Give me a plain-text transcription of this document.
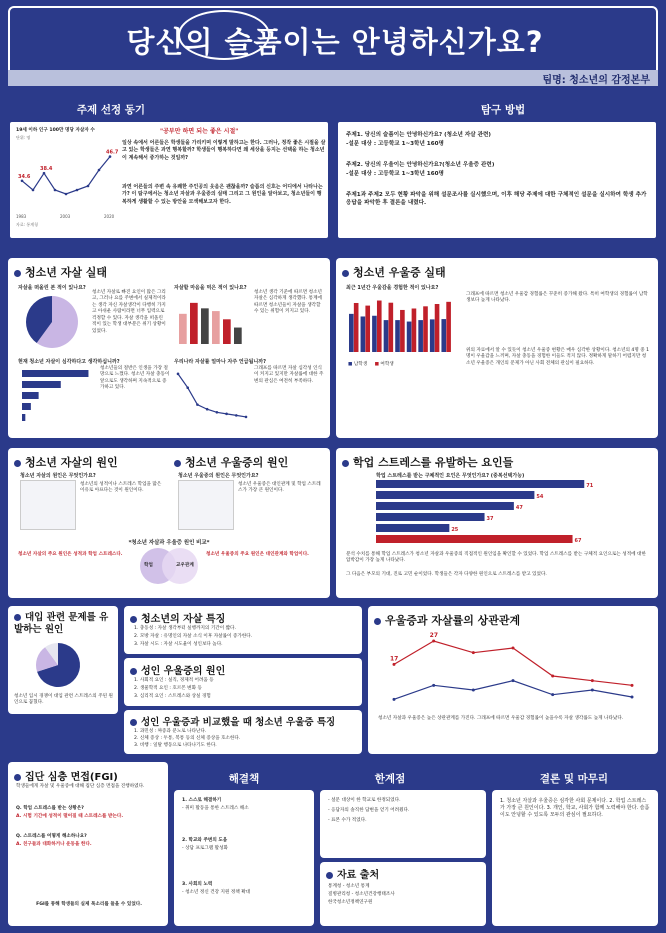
당신의 슬픔이는 안녕하신가요?
팀명: 청소년의 감정본부
주제 선정 동기
19세 이하 인구 100만 명당 자살자 수
단위: 명
34.6
38.4
46.7
1983	2003	2020
자료: 통계청
"공부만 하면 되는 좋은 시절"
일상 속에서 어른들은 학생들을 가리키며 이렇게 말하고는 한다. 그러나, 정작 좋은 시절을 살고 있는 학생들은 과연 행복할까? 학생들이 행복하다면 왜 세상을 등지는 선택을 하는 청소년이 계속해서 증가하는 것일까?
과연 어른들의 주변 속 유쾌한 주인공의 웃음은 괜찮을까? 슬픔의 신호는 어디에서 나타나는가? 이 탐구에서는 청소년 자살과 우울증의 실태 그리고 그 원인을 알아보고, 청소년들이 행복하게 생활할 수 있는 방안을 모색해보고자 한다.
탐구 방법
주제1. 당신의 슬픔이는 안녕하신가요? (청소년 자살 관련)
-설문 대상 : 고등학교 1~3학년 160명
주제2. 당신의 우울이는 안녕하신가요?(청소년 우울증 관련)
-설문 대상 : 고등학교 1~3학년 160명
주제1과 주제2 모두 현황 파악을 위해 설문조사를 실시했으며, 이후 해당 주제에 대한 구체적인 설문을 실시하여 학생 추가 응답을 파악한 후 결론을 내렸다.
청소년 자살 실태
자살을 떠올린 본 적이 있나요?
청소년 자살로 빠진 요인이 많은 그리고, 그러나 요를 주변에서 실제적이라는 생각 자신 자살생각이 다행히 가지고 아쉬운 사람이라면 너무 입력으로 걱정할 수 있다. 자살 생각을 떠올린 적이 있는 학생 대부분은 위기 상황이 있었다.
자살할 마음을 먹은 적이 있나요?
청소년 생각 기준에 따르면 청소년 자살은 심각하게 생각했다. 통계에 따르면 청소년들이 자살을 생각할 수 있는 위험이 커지고 있다.
현재 청소년 자살이 심각하다고 생각하십니까?
청소년들의 절반은 인생을 가장 절망으로 느꼈다. 청소년 자살 충동이 앞으로도 생각하며 지속적으로 증가하고 있다.
우리나라 자살률 얼마나 자주 언급됩니까?
그래프를 따르면 자살 심각성 인식이 커지고 있지만 자살률에 대한 주변의 관심은 여전히 부족하다.
청소년 우울증 실태
최근 1년간 우울감을 경험한 적이 있나요?
그래프에 따르면 청소년 우울감 경험률은 꾸준히 증가해 왔다. 특히 여학생의 경험률이 남학생보다 높게 나타났다.
위의 자료에서 알 수 있듯이 청소년 우울증 현황은 매우 심각한 상황이다. 청소년의 4명 중 1명이 우울감을 느끼며, 자살 충동을 경험한 이들도 적지 않다. 정확하게 말하기 어렵지만 청소년 우울증은 개인의 문제가 아닌 사회 전체의 관심이 필요하다.
■ 남학생 ■ 여학생
청소년 자살의 원인
청소년 자살의 원인은 무엇인가요?
청소년의 성적이나 스트레스 학업을 많은 이유로 아프다는 것이 원인이다.
청소년 우울증의 원인
청소년 우울증의 원인은 무엇인가요?
청소년 우울증은 대인관계 및 학업 스트레스가 가장 큰 원인이다.
*청소년 자살과 우울증 원인 비교*
학업	교우관계
청소년 자살의 주요 원인은 성적과 학업 스트레스다.	청소년 우울증의 주요 원인은 대인관계와 학업이다.
학업 스트레스를 유발하는 요인들
학업 스트레스를 받는 구체적인 요인은 무엇인가요? (중복선택가능)
71
54
47
37
25
67
분석 수치를 통해 학업 스트레스가 청소년 자살과 우울증의 직접적인 원인임을 확인할 수 있었다. 학업 스트레스를 받는 구체적 요인으로는 성적에 대한 압박감이 가장 높게 나타났다.
그 다음은 부모의 기대, 진로 고민 순이었다. 학생들은 각자 다양한 원인으로 스트레스를 받고 있었다.
대입 관련 문제를 유발하는 원인
청소년 입시 경쟁이 대입 관련 스트레스의 주된 원인으로 꼽혔다.
청소년의 자살 특징
1. 충동성 : 자살 생각부터 실행까지의 기간이 짧다.
2. 모방 자살 : 유명인의 자살 소식 이후 자살률이 증가한다.
3. 자살 시도 : 자살 시도율이 성인보다 높다.
성인 우울증의 원인
1. 사회적 요인 : 실직, 경제적 어려움 등
2. 생물학적 요인 : 호르몬 변화 등
3. 심리적 요인 : 스트레스와 상실 경험
성인 우울증과 비교했을 때 청소년 우울증 특징
1. 과민성 : 짜증과 분노로 나타난다.
2. 신체 증상 : 두통, 복통 등의 신체 증상을 호소한다.
3. 비행 : 일탈 행동으로 나타나기도 한다.
우울증과 자살률의 상관관계
17
27
청소년 자살과 우울증은 높은 상관관계를 가진다. 그래프에 따르면 우울감 경험률이 높을수록 자살 생각률도 높게 나타났다.
집단 심층 면접(FGI)
학생들에게 자살 및 우울증에 대해 집단 심층 면접을 진행하였다.
Q. 학업 스트레스를 받는 상황은?
A. 시험 기간에 성적이 떨어질 때 스트레스를 받는다.
Q. 스트레스를 어떻게 해소하나요?
A. 친구들과 대화하거나 운동을 한다.
FGI를 통해 학생들의 실제 목소리를 들을 수 있었다.
해결책
1. 스스로 해결하기
- 취미 활동을 통한 스트레스 해소
2. 학교와 주변의 도움
- 상담 프로그램 활성화
3. 사회의 노력
- 청소년 정신 건강 지원 정책 확대
한계점
- 설문 대상이 한 학교로 한정되었다.
- 응답자의 솔직한 답변을 얻기 어려웠다.
- 표본 수가 적었다.
자료 출처
통계청 - 청소년 통계
질병관리청 - 청소년건강행태조사
한국청소년정책연구원
결론 및 마무리
1. 청소년 자살과 우울증은 심각한 사회 문제이다. 2. 학업 스트레스가 가장 큰 원인이다. 3. 개인, 학교, 사회가 함께 노력해야 한다. 슬픔이도 안녕할 수 있도록 모두의 관심이 필요하다.
